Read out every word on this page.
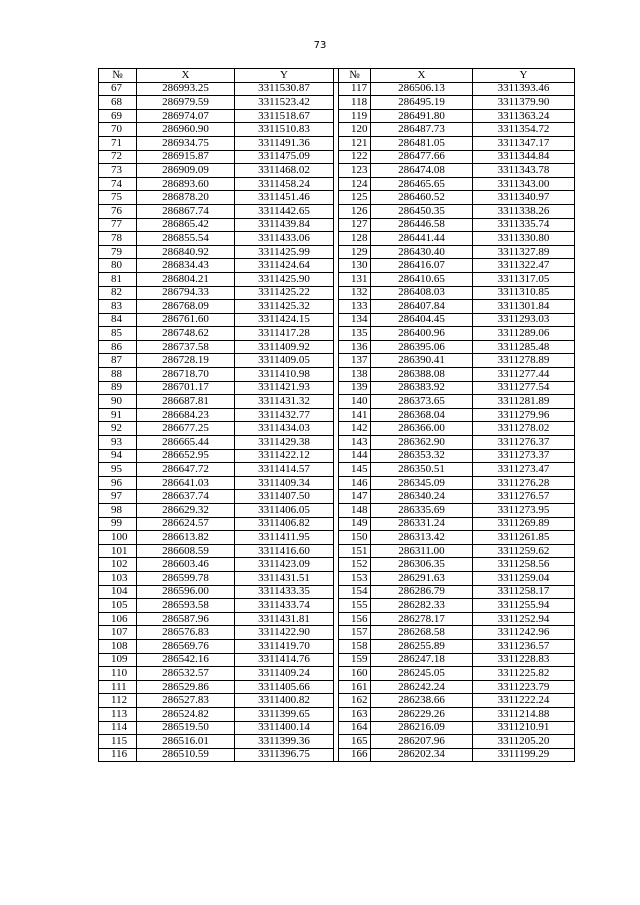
73
№	X	Y		№	X	Y
67	286993.25	3311530.87		117	286506.13	3311393.46
68	286979.59	3311523.42		118	286495.19	3311379.90
69	286974.07	3311518.67		119	286491.80	3311363.24
70	286960.90	3311510.83		120	286487.73	3311354.72
71	286934.75	3311491.36		121	286481.05	3311347.17
72	286915.87	3311475.09		122	286477.66	3311344.84
73	286909.09	3311468.02		123	286474.08	3311343.78
74	286893.60	3311458.24		124	286465.65	3311343.00
75	286878.20	3311451.46		125	286460.52	3311340.97
76	286867.74	3311442.65		126	286450.35	3311338.26
77	286865.42	3311439.84		127	286446.58	3311335.74
78	286855.54	3311433.06		128	286441.44	3311330.80
79	286840.92	3311425.99		129	286430.40	3311327.89
80	286834.43	3311424.64		130	286416.07	3311322.47
81	286804.21	3311425.90		131	286410.65	3311317.05
82	286794.33	3311425.22		132	286408.03	3311310.85
83	286768.09	3311425.32		133	286407.84	3311301.84
84	286761.60	3311424.15		134	286404.45	3311293.03
85	286748.62	3311417.28		135	286400.96	3311289.06
86	286737.58	3311409.92		136	286395.06	3311285.48
87	286728.19	3311409.05		137	286390.41	3311278.89
88	286718.70	3311410.98		138	286388.08	3311277.44
89	286701.17	3311421.93		139	286383.92	3311277.54
90	286687.81	3311431.32		140	286373.65	3311281.89
91	286684.23	3311432.77		141	286368.04	3311279.96
92	286677.25	3311434.03		142	286366.00	3311278.02
93	286665.44	3311429.38		143	286362.90	3311276.37
94	286652.95	3311422.12		144	286353.32	3311273.37
95	286647.72	3311414.57		145	286350.51	3311273.47
96	286641.03	3311409.34		146	286345.09	3311276.28
97	286637.74	3311407.50		147	286340.24	3311276.57
98	286629.32	3311406.05		148	286335.69	3311273.95
99	286624.57	3311406.82		149	286331.24	3311269.89
100	286613.82	3311411.95		150	286313.42	3311261.85
101	286608.59	3311416.60		151	286311.00	3311259.62
102	286603.46	3311423.09		152	286306.35	3311258.56
103	286599.78	3311431.51		153	286291.63	3311259.04
104	286596.00	3311433.35		154	286286.79	3311258.17
105	286593.58	3311433.74		155	286282.33	3311255.94
106	286587.96	3311431.81		156	286278.17	3311252.94
107	286576.83	3311422.90		157	286268.58	3311242.96
108	286569.76	3311419.70		158	286255.89	3311236.57
109	286542.16	3311414.76		159	286247.18	3311228.83
110	286532.57	3311409.24		160	286245.05	3311225.82
111	286529.86	3311405.66		161	286242.24	3311223.79
112	286527.83	3311400.82		162	286238.66	3311222.24
113	286524.82	3311399.65		163	286229.26	3311214.88
114	286519.50	3311400.14		164	286216.09	3311210.91
115	286516.01	3311399.36		165	286207.96	3311205.20
116	286510.59	3311396.75		166	286202.34	3311199.29
